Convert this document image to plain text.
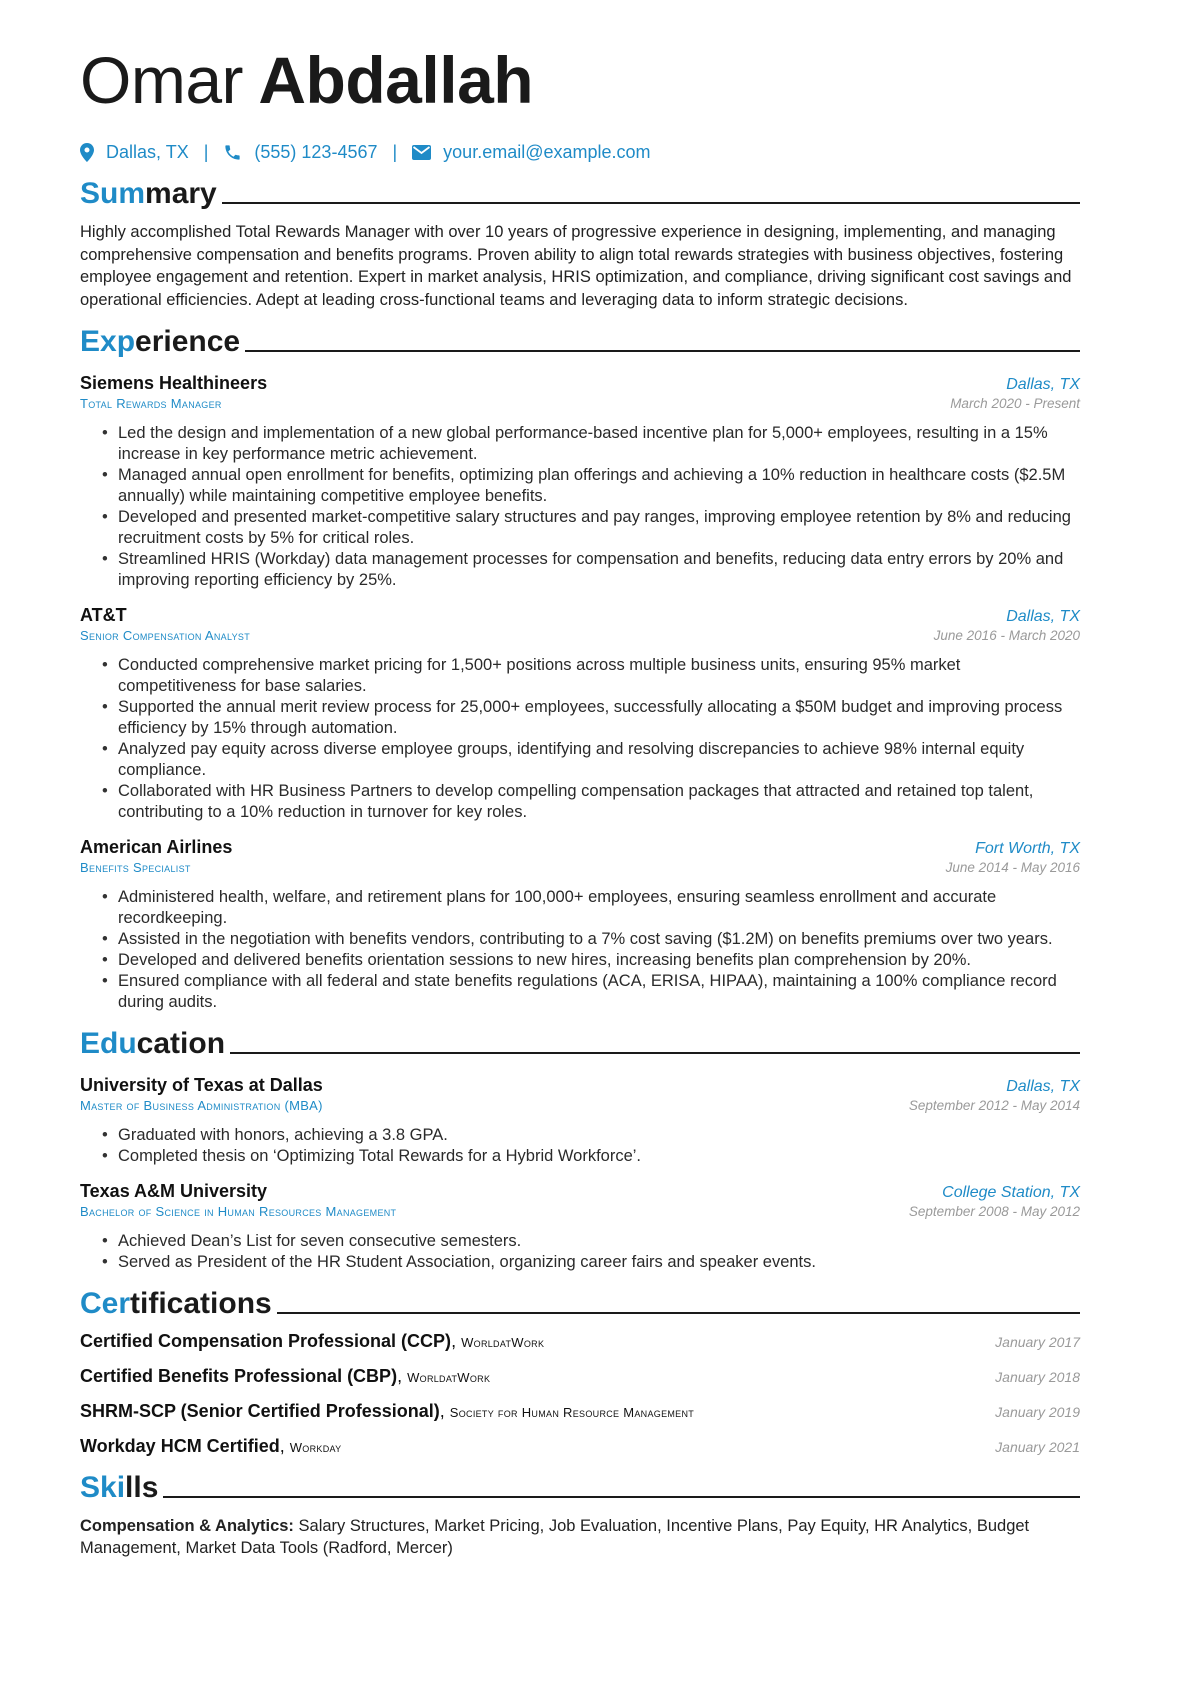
Omar Abdallah
Dallas, TX |	(555) 123-4567 |	your.email@example.com
Summary
Highly accomplished Total Rewards Manager with over 10 years of progressive experience in designing, implementing, and managing comprehensive compensation and benefits programs. Proven ability to align total rewards strategies with business objectives, fostering employee engagement and retention. Expert in market analysis, HRIS optimization, and compliance, driving significant cost savings and operational efficiencies. Adept at leading cross-functional teams and leveraging data to inform strategic decisions.
Experience
Siemens Healthineers	Dallas, TX
Total Rewards Manager	March 2020 - Present
• Led the design and implementation of a new global performance-based incentive plan for 5,000+ employees, resulting in a 15% increase in key performance metric achievement.
• Managed annual open enrollment for benefits, optimizing plan offerings and achieving a 10% reduction in healthcare costs ($2.5M annually) while maintaining competitive employee benefits.
• Developed and presented market-competitive salary structures and pay ranges, improving employee retention by 8% and reducing recruitment costs by 5% for critical roles.
• Streamlined HRIS (Workday) data management processes for compensation and benefits, reducing data entry errors by 20% and improving reporting efficiency by 25%.
AT&T	Dallas, TX
Senior Compensation Analyst	June 2016 - March 2020
• Conducted comprehensive market pricing for 1,500+ positions across multiple business units, ensuring 95% market competitiveness for base salaries.
• Supported the annual merit review process for 25,000+ employees, successfully allocating a $50M budget and improving process efficiency by 15% through automation.
• Analyzed pay equity across diverse employee groups, identifying and resolving discrepancies to achieve 98% internal equity compliance.
• Collaborated with HR Business Partners to develop compelling compensation packages that attracted and retained top talent, contributing to a 10% reduction in turnover for key roles.
American Airlines	Fort Worth, TX
Benefits Specialist	June 2014 - May 2016
• Administered health, welfare, and retirement plans for 100,000+ employees, ensuring seamless enrollment and accurate recordkeeping.
• Assisted in the negotiation with benefits vendors, contributing to a 7% cost saving ($1.2M) on benefits premiums over two years.
• Developed and delivered benefits orientation sessions to new hires, increasing benefits plan comprehension by 20%.
• Ensured compliance with all federal and state benefits regulations (ACA, ERISA, HIPAA), maintaining a 100% compliance record during audits.
Education
University of Texas at Dallas	Dallas, TX
Master of Business Administration (MBA)	September 2012 - May 2014
• Graduated with honors, achieving a 3.8 GPA.
• Completed thesis on ‘Optimizing Total Rewards for a Hybrid Workforce’.
Texas A&M University	College Station, TX
Bachelor of Science in Human Resources Management	September 2008 - May 2012
• Achieved Dean’s List for seven consecutive semesters.
• Served as President of the HR Student Association, organizing career fairs and speaker events.
Certifications
Certified Compensation Professional (CCP), WorldatWork	January 2017
Certified Benefits Professional (CBP), WorldatWork	January 2018
SHRM-SCP (Senior Certified Professional), Society for Human Resource Management	January 2019
Workday HCM Certified, Workday	January 2021
Skills
Compensation & Analytics: Salary Structures, Market Pricing, Job Evaluation, Incentive Plans, Pay Equity, HR Analytics, Budget Management, Market Data Tools (Radford, Mercer)
